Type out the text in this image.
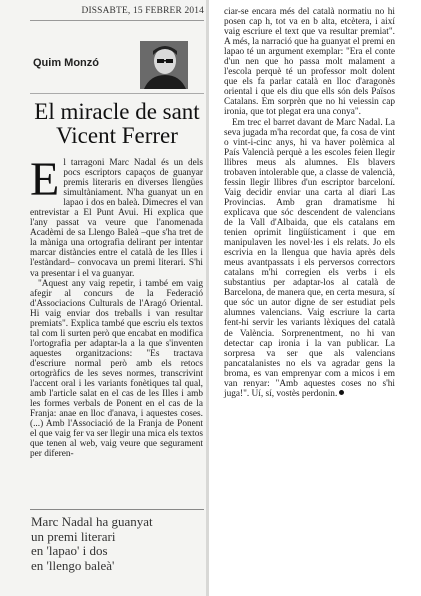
DISSABTE, 15 FEBRER 2014
Quim Monzó
El miracle de sant
Vicent Ferrer
E l tarragoni Marc Nadal és un dels pocs escriptors capaços de guanyar premis literaris en diverses llengües simultàniament. N'ha guanyat un en lapao i dos en baleà. Dimecres el van entrevistar a El Punt Avui. Hi explica que l'any passat va veure que l'anomenada Acadèmi de sa Llengo Baleà –que s'ha tret de la màniga una ortografia delirant per intentar marcar distàncies entre el català de les Illes i l'estàndard– convocava un premi literari. S'hi va presentar i el va guanyar.

"Aquest any vaig repetir, i també em vaig afegir al concurs de la Federació d'Associacions Culturals de l'Aragó Oriental. Hi vaig enviar dos treballs i van resultar premiats". Explica també que escriu els textos tal com li surten però que encabat en modifica l'ortografia per adaptar-la a la que s'inventen aquestes organitzacions: "Es tractava d'escriure normal però amb els retocs ortogràfics de les seves normes, transcrivint l'accent oral i les variants fonètiques tal qual, amb l'article salat en el cas de les Illes i amb les formes verbals de Ponent en el cas de la Franja: anae en lloc d'anava, i aquestes coses. (...) Amb l'Associació de la Franja de Ponent el que vaig fer va ser llegir una mica els textos que tenen al web, vaig veure que segurament per diferen-

Marc Nadal ha guanyat
un premi literari
en 'lapao' i dos
en 'llengo baleà'

ciar-se encara més del català normatiu no hi posen cap h, tot va en b alta, etcètera, i així vaig escriure el text que va resultar premiat". A més, la narració que ha guanyat el premi en lapao té un argument exemplar: "Era el conte d'un nen que ho passa molt malament a l'escola perquè té un professor molt dolent que els fa parlar català en lloc d'aragonès oriental i que els diu que ells són dels Països Catalans. Em sorprèn que no hi veiessin cap ironia, que tot plegat era una conya".

Em trec el barret davant de Marc Nadal. La seva jugada m'ha recordat que, fa cosa de vint o vint-i-cinc anys, hi va haver polèmica al País Valencià perquè a les escoles feien llegir llibres meus als alumnes. Els blavers trobaven intolerable que, a classe de valencià, fessin llegir llibres d'un escriptor barceloní. Vaig decidir enviar una carta al diari Las Provincias. Amb gran dramatisme hi explicava que sóc descendent de valencians de la Vall d'Albaida, que els catalans em tenien oprimit lingüísticament i que em manipulaven les novel·les i els relats. Jo els escrivia en la llengua que havia après dels meus avantpassats i els perversos correctors catalans m'hi corregien els verbs i els substantius per adaptar-los al català de Barcelona, de manera que, en certa mesura, sí que sóc un autor digne de ser estudiat pels alumnes valencians. Vaig escriure la carta fent-hi servir les variants lèxiques del català de València. Sorprenentment, no hi van detectar cap ironia i la van publicar. La sorpresa va ser que als valencians pancatalanistes no els va agradar gens la broma, es van emprenyar com a micos i em van renyar: "Amb aquestes coses no s'hi juga!". Uí, sí, vostès perdonin.
